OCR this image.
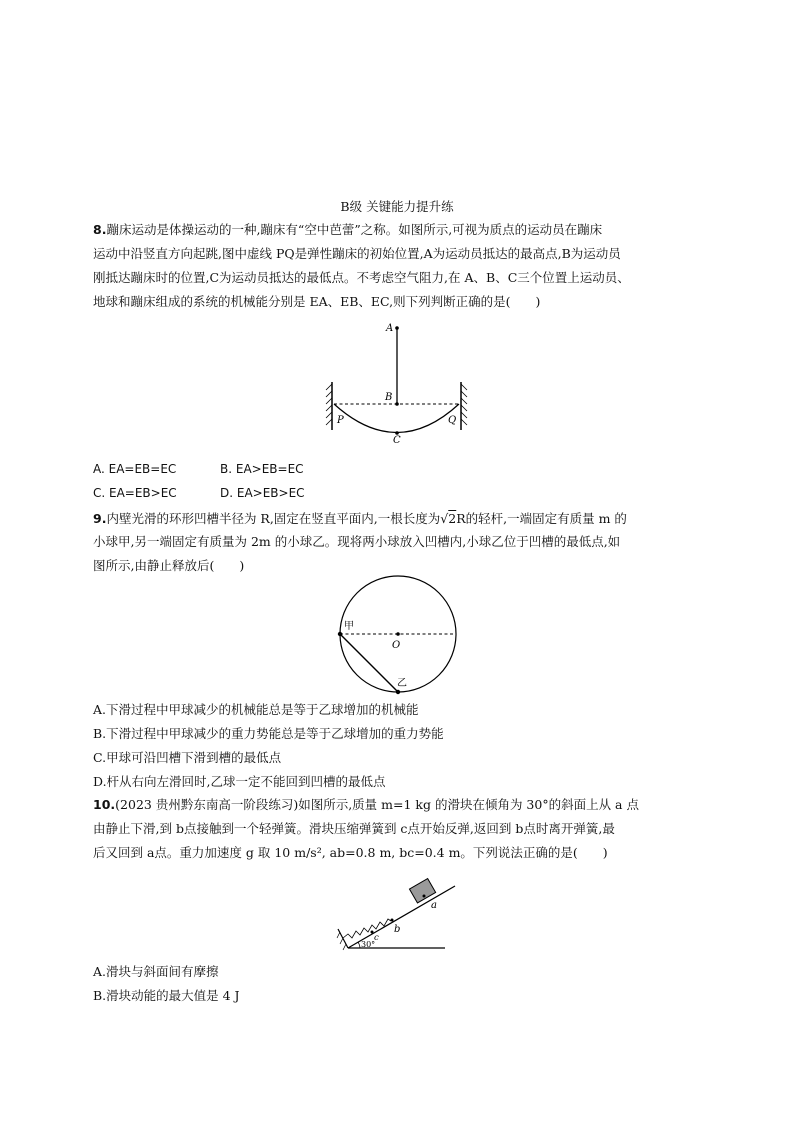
B级 关键能力提升练
8.蹦床运动是体操运动的一种,蹦床有“空中芭蕾”之称。如图所示,可视为质点的运动员在蹦床
运动中沿竖直方向起跳,图中虚线 PQ是弹性蹦床的初始位置,A为运动员抵达的最高点,B为运动员
刚抵达蹦床时的位置,C为运动员抵达的最低点。不考虑空气阻力,在 A、B、C三个位置上运动员、
地球和蹦床组成的系统的机械能分别是 EA、EB、EC,则下列判断正确的是(　　)
A
B
C
P	Q
A. EA=EB=EC	B. EA>EB=EC
C. EA=EB>EC	D. EA>EB>EC
9.内壁光滑的环形凹槽半径为 R,固定在竖直平面内,一根长度为√2R的轻杆,一端固定有质量 m 的
小球甲,另一端固定有质量为 2m 的小球乙。现将两小球放入凹槽内,小球乙位于凹槽的最低点,如
图所示,由静止释放后(　　)
甲
O
乙
A.下滑过程中甲球减少的机械能总是等于乙球增加的机械能
B.下滑过程中甲球减少的重力势能总是等于乙球增加的重力势能
C.甲球可沿凹槽下滑到槽的最低点
D.杆从右向左滑回时,乙球一定不能回到凹槽的最低点
10.(2023 贵州黔东南高一阶段练习)如图所示,质量 m=1 kg 的滑块在倾角为 30°的斜面上从 a 点
由静止下滑,到 b点接触到一个轻弹簧。滑块压缩弹簧到 c点开始反弹,返回到 b点时离开弹簧,最
后又回到 a点。重力加速度 g 取 10 m/s², ab=0.8 m, bc=0.4 m。下列说法正确的是(　　)
a
b
c
30°
A.滑块与斜面间有摩擦
B.滑块动能的最大值是 4 J
